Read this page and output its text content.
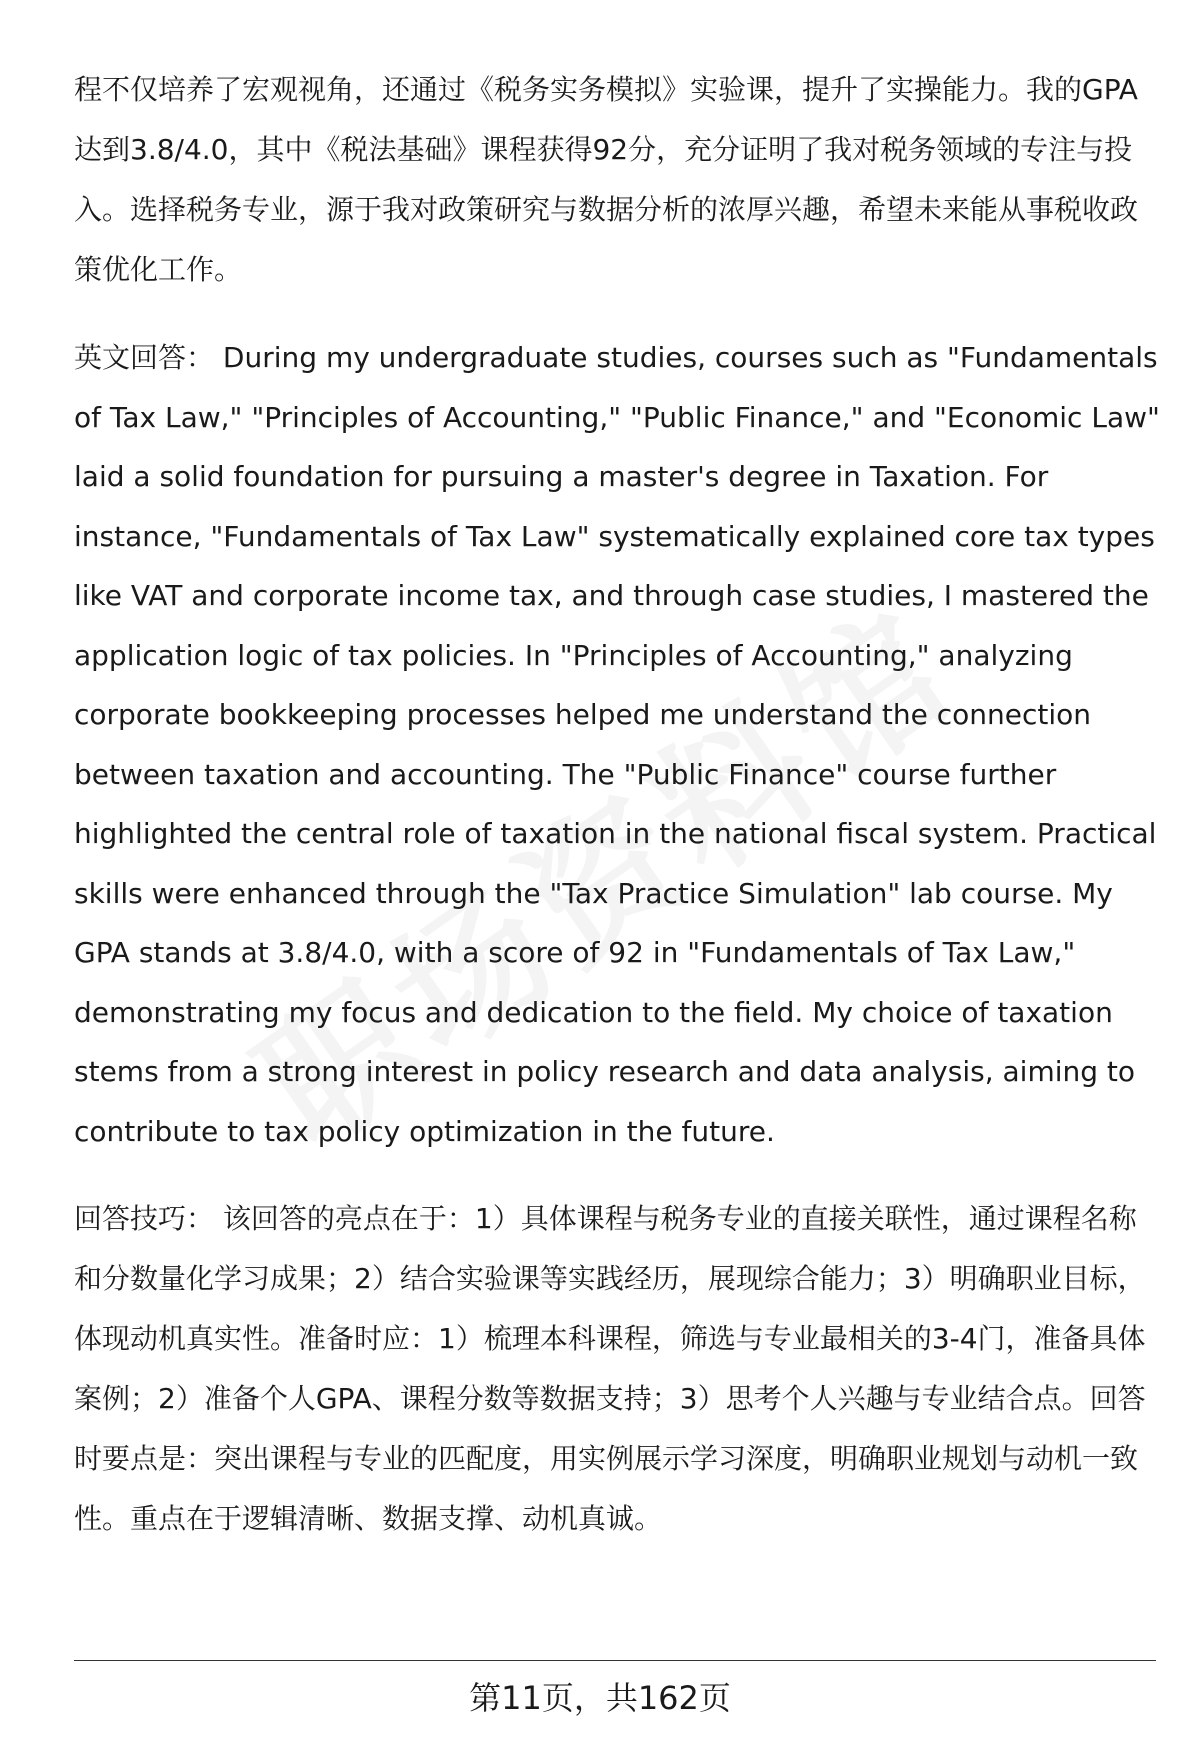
程不仅培养了宏观视角，还通过《税务实务模拟》实验课，提升了实操能力。我的GPA达到3.8/4.0，其中《税法基础》课程获得92分，充分证明了我对税务领域的专注与投入。选择税务专业，源于我对政策研究与数据分析的浓厚兴趣，希望未来能从事税收政策优化工作。

英文回答： During my undergraduate studies, courses such as "Fundamentals of Tax Law," "Principles of Accounting," "Public Finance," and "Economic Law" laid a solid foundation for pursuing a master's degree in Taxation. For instance, "Fundamentals of Tax Law" systematically explained core tax types like VAT and corporate income tax, and through case studies, I mastered the application logic of tax policies. In "Principles of Accounting," analyzing corporate bookkeeping processes helped me understand the connection between taxation and accounting. The "Public Finance" course further highlighted the central role of taxation in the national fiscal system. Practical skills were enhanced through the "Tax Practice Simulation" lab course. My GPA stands at 3.8/4.0, with a score of 92 in "Fundamentals of Tax Law," demonstrating my focus and dedication to the field. My choice of taxation stems from a strong interest in policy research and data analysis, aiming to contribute to tax policy optimization in the future.

回答技巧： 该回答的亮点在于：1）具体课程与税务专业的直接关联性，通过课程名称和分数量化学习成果；2）结合实验课等实践经历，展现综合能力；3）明确职业目标，体现动机真实性。准备时应：1）梳理本科课程，筛选与专业最相关的3-4门，准备具体案例；2）准备个人GPA、课程分数等数据支持；3）思考个人兴趣与专业结合点。回答时要点是：突出课程与专业的匹配度，用实例展示学习深度，明确职业规划与动机一致性。重点在于逻辑清晰、数据支撑、动机真诚。

第11页，共162页
